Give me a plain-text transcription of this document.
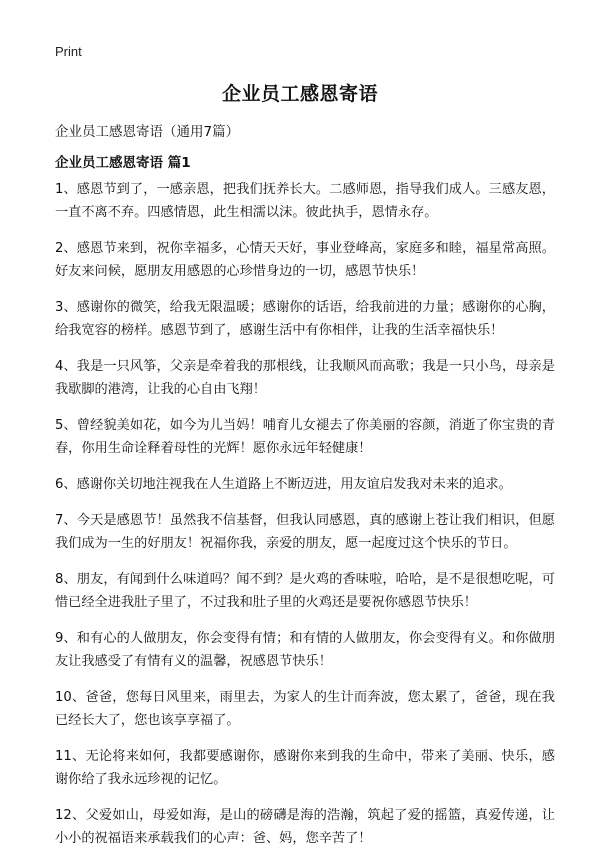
Print
企业员工感恩寄语

企业员工感恩寄语（通用7篇）

企业员工感恩寄语 篇1
1、感恩节到了，一感亲恩，把我们抚养长大。二感师恩，指导我们成人。三感友恩，一直不离不弃。四感情恩，此生相濡以沫。彼此执手，恩情永存。
2、感恩节来到，祝你幸福多，心情天天好，事业登峰高，家庭多和睦，福星常高照。好友来问候，愿朋友用感恩的心珍惜身边的一切，感恩节快乐！
3、感谢你的微笑，给我无限温暖；感谢你的话语，给我前进的力量；感谢你的心胸，给我宽容的榜样。感恩节到了，感谢生活中有你相伴，让我的生活幸福快乐！
4、我是一只风筝，父亲是牵着我的那根线，让我顺风而高歌；我是一只小鸟，母亲是我歇脚的港湾，让我的心自由飞翔！
5、曾经貌美如花，如今为儿当妈！哺育儿女褪去了你美丽的容颜，消逝了你宝贵的青春，你用生命诠释着母性的光辉！愿你永远年轻健康！
6、感谢你关切地注视我在人生道路上不断迈进，用友谊启发我对未来的追求。
7、今天是感恩节！虽然我不信基督，但我认同感恩，真的感谢上苍让我们相识，但愿我们成为一生的好朋友！祝福你我，亲爱的朋友，愿一起度过这个快乐的节日。
8、朋友，有闻到什么味道吗？闻不到？是火鸡的香味啦，哈哈，是不是很想吃呢，可惜已经全进我肚子里了，不过我和肚子里的火鸡还是要祝你感恩节快乐！
9、和有心的人做朋友，你会变得有情；和有情的人做朋友，你会变得有义。和你做朋友让我感受了有情有义的温馨，祝感恩节快乐！
10、爸爸，您每日风里来，雨里去，为家人的生计而奔波，您太累了，爸爸，现在我已经长大了，您也该享享福了。
11、无论将来如何，我都要感谢你，感谢你来到我的生命中，带来了美丽、快乐，感谢你给了我永远珍视的记忆。
12、父爱如山，母爱如海，是山的磅礴是海的浩瀚，筑起了爱的摇篮，真爱传递，让小小的祝福语来承载我们的心声：爸、妈，您辛苦了！
